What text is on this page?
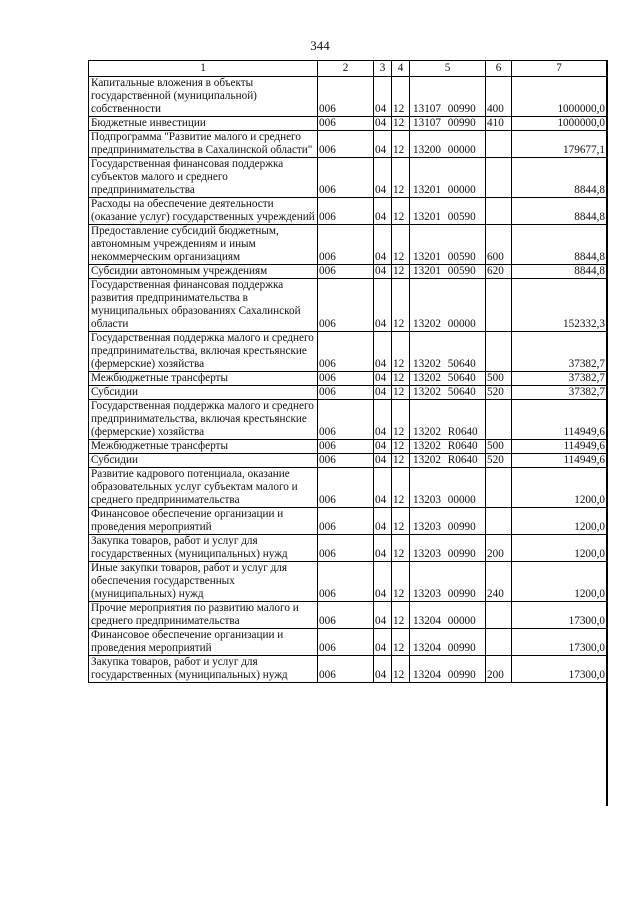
344
1	2	3	4	5	6	7
Капитальные вложения в объекты государственной (муниципальной) собственности	006	04	12	13107 00990	400	1000000,0
Бюджетные инвестиции	006	04	12	13107 00990	410	1000000,0
Подпрограмма "Развитие малого и среднего предпринимательства в Сахалинской области"	006	04	12	13200 00000		179677,1
Государственная финансовая поддержка субъектов малого и среднего предпринимательства	006	04	12	13201 00000		8844,8
Расходы на обеспечение деятельности (оказание услуг) государственных учреждений	006	04	12	13201 00590		8844,8
Предоставление субсидий бюджетным, автономным учреждениям и иным некоммерческим организациям	006	04	12	13201 00590	600	8844,8
Субсидии автономным учреждениям	006	04	12	13201 00590	620	8844,8
Государственная финансовая поддержка развития предпринимательства в муниципальных образованиях Сахалинской области	006	04	12	13202 00000		152332,3
Государственная поддержка малого и среднего предпринимательства, включая крестьянские (фермерские) хозяйства	006	04	12	13202 50640		37382,7
Межбюджетные трансферты	006	04	12	13202 50640	500	37382,7
Субсидии	006	04	12	13202 50640	520	37382,7
Государственная поддержка малого и среднего предпринимательства, включая крестьянские (фермерские) хозяйства	006	04	12	13202 R0640		114949,6
Межбюджетные трансферты	006	04	12	13202 R0640	500	114949,6
Субсидии	006	04	12	13202 R0640	520	114949,6
Развитие кадрового потенциала, оказание образовательных услуг субъектам малого и среднего предпринимательства	006	04	12	13203 00000		1200,0
Финансовое обеспечение организации и проведения мероприятий	006	04	12	13203 00990		1200,0
Закупка товаров, работ и услуг для государственных (муниципальных) нужд	006	04	12	13203 00990	200	1200,0
Иные закупки товаров, работ и услуг для обеспечения государственных (муниципальных) нужд	006	04	12	13203 00990	240	1200,0
Прочие мероприятия по развитию малого и среднего предпринимательства	006	04	12	13204 00000		17300,0
Финансовое обеспечение организации и проведения мероприятий	006	04	12	13204 00990		17300,0
Закупка товаров, работ и услуг для государственных (муниципальных) нужд	006	04	12	13204 00990	200	17300,0
